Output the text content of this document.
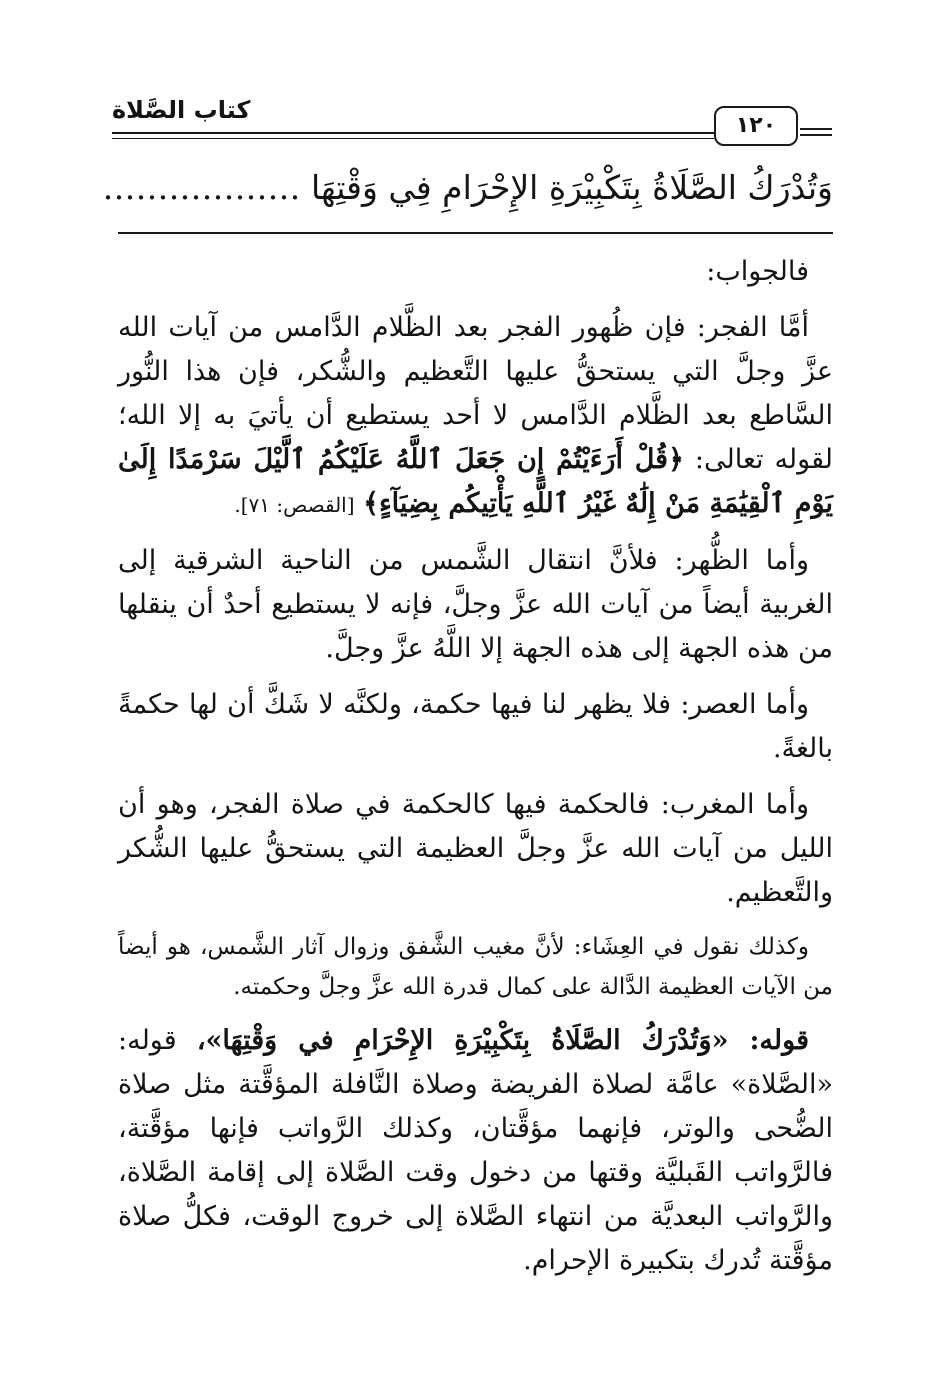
كتاب الصَّلاة
١٢٠
وَتُدْرَكُ الصَّلَاةُ بِتَكْبِيْرَةِ الإِحْرَامِ فِي وَقْتِهَا ………………

فالجواب:

أمَّا الفجر: فإن ظُهور الفجر بعد الظَّلام الدَّامس من آيات الله عزَّ وجلَّ التي يستحقُّ عليها التَّعظيم والشُّكر، فإن هذا النُّور السَّاطع بعد الظَّلام الدَّامس لا أحد يستطيع أن يأتيَ به إلا الله؛ لقوله تعالى: ﴿قُلْ أَرَءَيْتُمْ إِن جَعَلَ ٱللَّهُ عَلَيْكُمُ ٱلَّيْلَ سَرْمَدًا إِلَىٰ يَوْمِ ٱلْقِيَٰمَةِ مَنْ إِلَٰهٌ غَيْرُ ٱللَّهِ يَأْتِيكُم بِضِيَآءٍ﴾ [القصص: ٧١].

وأما الظُّهر: فلأنَّ انتقال الشَّمس من الناحية الشرقية إلى الغربية أيضاً من آيات الله عزَّ وجلَّ، فإنه لا يستطيع أحدٌ أن ينقلها من هذه الجهة إلى هذه الجهة إلا اللَّهُ عزَّ وجلَّ.

وأما العصر: فلا يظهر لنا فيها حكمة، ولكنَّه لا شَكَّ أن لها حكمةً بالغةً.

وأما المغرب: فالحكمة فيها كالحكمة في صلاة الفجر، وهو أن الليل من آيات الله عزَّ وجلَّ العظيمة التي يستحقُّ عليها الشُّكر والتَّعظيم.

وكذلك نقول في العِشَاء: لأنَّ مغيب الشَّفق وزوال آثار الشَّمس، هو أيضاً من الآيات العظيمة الدَّالة على كمال قدرة الله عزَّ وجلَّ وحكمته.

قوله: «وَتُدْرَكُ الصَّلَاةُ بِتَكْبِيْرَةِ الإِحْرَامِ في وَقْتِهَا»، قوله: «الصَّلاة» عامَّة لصلاة الفريضة وصلاة النَّافلة المؤقَّتة مثل صلاة الضُّحى والوتر، فإنهما مؤقَّتان، وكذلك الرَّواتب فإنها مؤقَّتة، فالرَّواتب القَبليَّة وقتها من دخول وقت الصَّلاة إلى إقامة الصَّلاة، والرَّواتب البعديَّة من انتهاء الصَّلاة إلى خروج الوقت، فكلُّ صلاة مؤقَّتة تُدرك بتكبيرة الإحرام.
